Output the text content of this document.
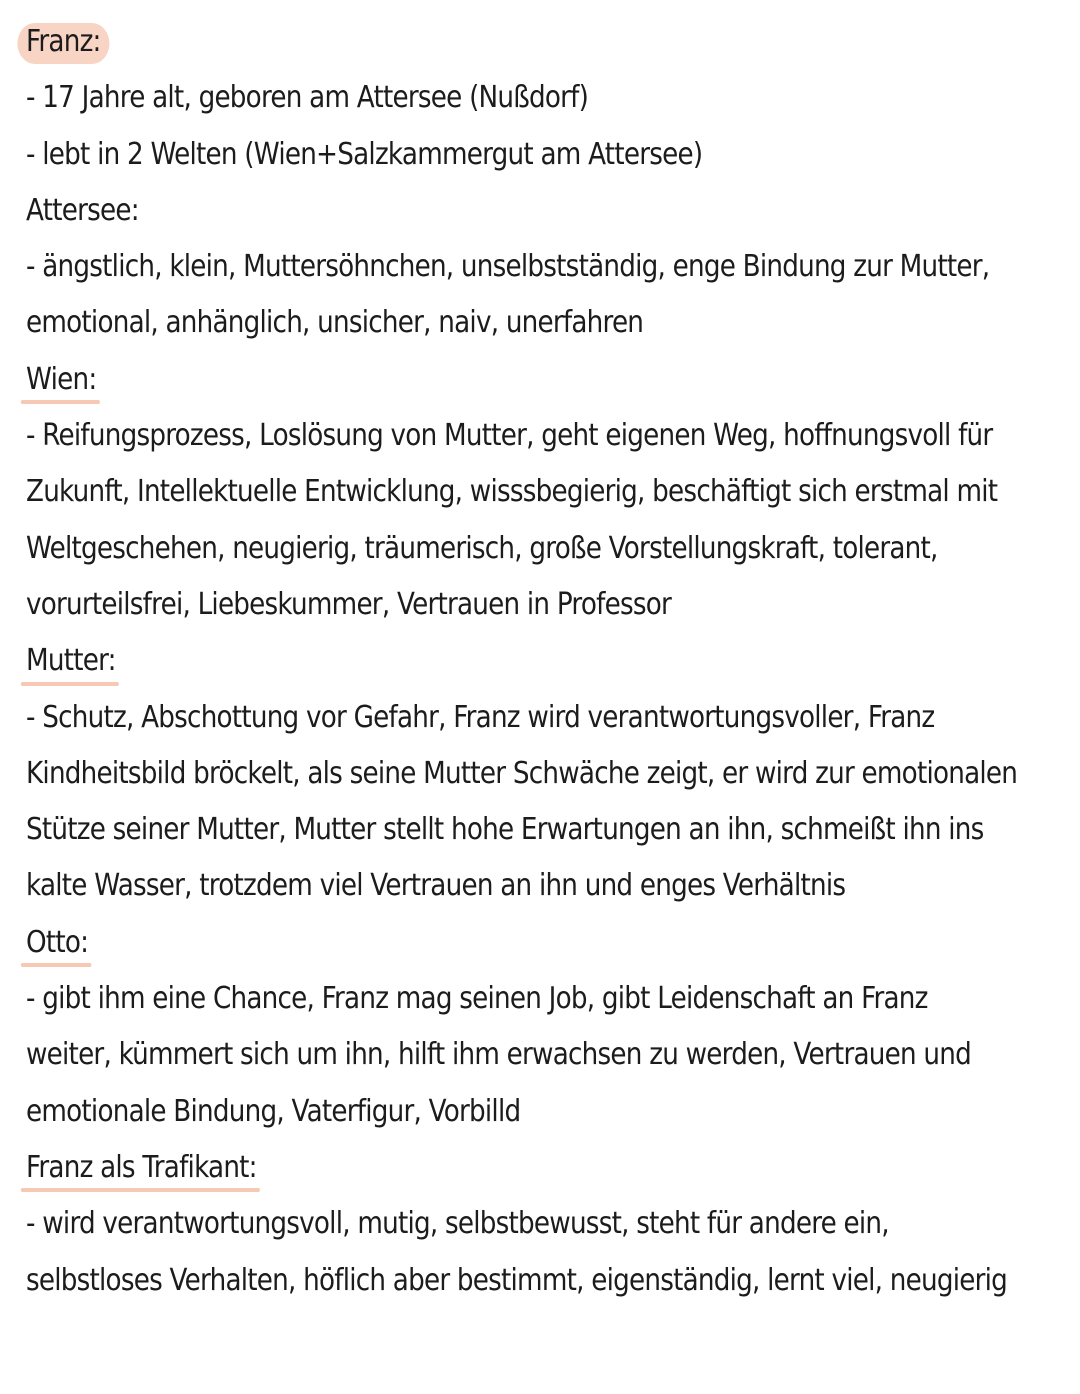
Franz:
- 17 Jahre alt, geboren am Attersee (Nußdorf)
- lebt in 2 Welten (Wien+Salzkammergut am Attersee)
Attersee:
- ängstlich, klein, Muttersöhnchen, unselbstständig, enge Bindung zur Mutter,
emotional, anhänglich, unsicher, naiv, unerfahren
Wien:
- Reifungsprozess, Loslösung von Mutter, geht eigenen Weg, hoffnungsvoll für
Zukunft, Intellektuelle Entwicklung, wisssbegierig, beschäftigt sich erstmal mit
Weltgeschehen, neugierig, träumerisch, große Vorstellungskraft, tolerant,
vorurteilsfrei, Liebeskummer, Vertrauen in Professor
Mutter:
- Schutz, Abschottung vor Gefahr, Franz wird verantwortungsvoller, Franz
Kindheitsbild bröckelt, als seine Mutter Schwäche zeigt, er wird zur emotionalen
Stütze seiner Mutter, Mutter stellt hohe Erwartungen an ihn, schmeißt ihn ins
kalte Wasser, trotzdem viel Vertrauen an ihn und enges Verhältnis
Otto:
- gibt ihm eine Chance, Franz mag seinen Job, gibt Leidenschaft an Franz
weiter, kümmert sich um ihn, hilft ihm erwachsen zu werden, Vertrauen und
emotionale Bindung, Vaterfigur, Vorbilld
Franz als Trafikant:
- wird verantwortungsvoll, mutig, selbstbewusst, steht für andere ein,
selbstloses Verhalten, höflich aber bestimmt, eigenständig, lernt viel, neugierig
